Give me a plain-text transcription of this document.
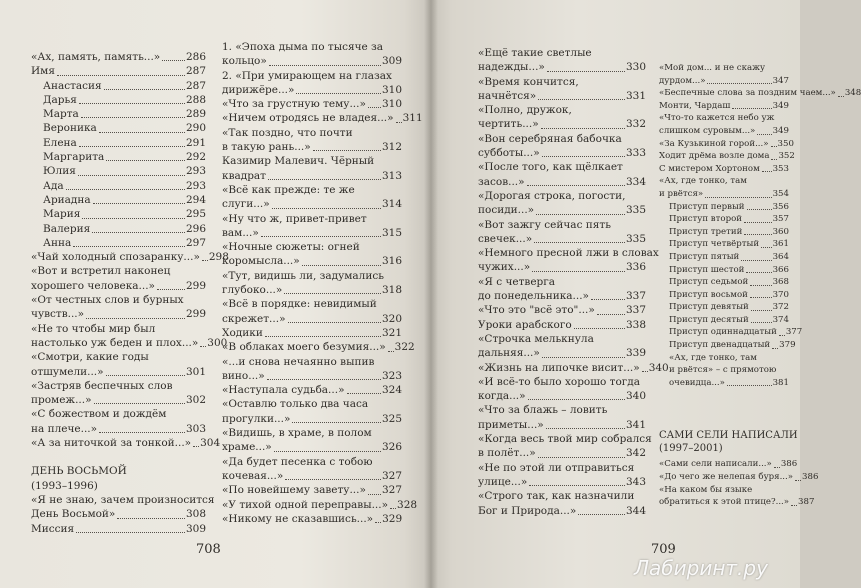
«Ах, память, память...» 286
Имя	287
Анастасия	287
Дарья	288
Марта	289
Вероника	290
Елена	291
Маргарита	292
Юлия	293
Ада	293
Ариадна	294
Мария	295
Валерия	296
Анна	297
«Чай холодный спозаранку...» 298
«Вот и встретил наконец
хорошего человека...»	299
«От честных слов и бурных
чувств...»	299
«Не то чтобы мир был
настолько уж беден и плох...» 300
«Смотри, какие годы
отшумели...»	301
«Застряв беспечных слов
промеж...»	302
«С божеством и дождём
на плече...»	303
«А за ниточкой за тонкой...» 304
ДЕНЬ ВОСЬМОЙ
(1993–1996)
«Я не знаю, зачем произносится
День Восьмой»	308
Миссия	309
1. «Эпоха дыма по тысяче за
кольцо»	309
2. «При умирающем на глазах
дирижёре...»	310
«Что за грустную тему...» 310
«Ничем отродясь не владея...» 311
«Так поздно, что почти
в такую рань...»	312
Казимир Малевич. Чёрный
квадрат	313
«Всё как прежде: те же
слуги...»	314
«Ну что ж, привет-привет
вам...»	315
«Ночные сюжеты: огней
коромысла...»	316
«Тут, видишь ли, задумались
глубоко...»	318
«Всё в порядке: невидимый
скрежет...»	320
Ходики	321
«В облаках моего безумия...» 322
«...и снова нечаянно выпив
вино...»	323
«Наступала судьба...»	324
«Оставлю только два часа
прогулки...»	325
«Видишь, в храме, в полом
храме...»	326
«Да будет песенка с тобою
кочевая...»	327
«По новейшему завету...» 327
«У тихой одной переправы...» 328
«Никому не сказавшись...» 329
«Ещё такие светлые
надежды...»	330
«Время кончится,
начнётся»	331
«Полно, дружок,
чертить...»	332
«Вон серебряная бабочка
субботы...»	333
«После того, как щёлкает
засов...»	334
«Дорогая строка, погости,
посиди...»	335
«Вот зажгу сейчас пять
свечек...»	335
«Немного пресной лжи в словах
чужих...»	336
«Я с четверга
до понедельника...»	337
«Что это "всё это"...»	337
Уроки арабского	338
«Строчка мелькнула
дальняя...»	339
«Жизнь на липочке висит...» 340
«И всё-то было хорошо тогда
когда...»	340
«Что за блажь – ловить
приметы...»	341
«Когда весь твой мир собрался
в полёт...»	342
«Не по этой ли отправиться
улице...»	343
«Строго так, как назначили
Бог и Природа...»	344
«Мой дом... и не скажу
дурдом...»	347
«Беспечные слова за поздним чаем...» 348
Монти, Чардаш	349
«Что-то кажется небо уж
слишком суровым...» 349
«За Кузькиной горой...» 350
Ходит дрёма возле дома 352
С мистером Хортоном 353
«Ах, где тонко, там
и рвётся»	354
Приступ первый	356
Приступ второй	357
Приступ третий	360
Приступ четвёртый 361
Приступ пятый	364
Приступ шестой	366
Приступ седьмой	368
Приступ восьмой	370
Приступ девятый	372
Приступ десятый	374
Приступ одиннадцатый 377
Приступ двенадцатый 379
«Ах, где тонко, там
и рвётся» – с прямотою
очевидца...»	381
САМИ СЕЛИ НАПИСАЛИ
(1997–2001)
«Сами сели написали...» 386
«До чего же нелепая буря...» 386
«На каком бы языке
обратиться к этой птице?...» 387
708	709
Лабиринт.ру
